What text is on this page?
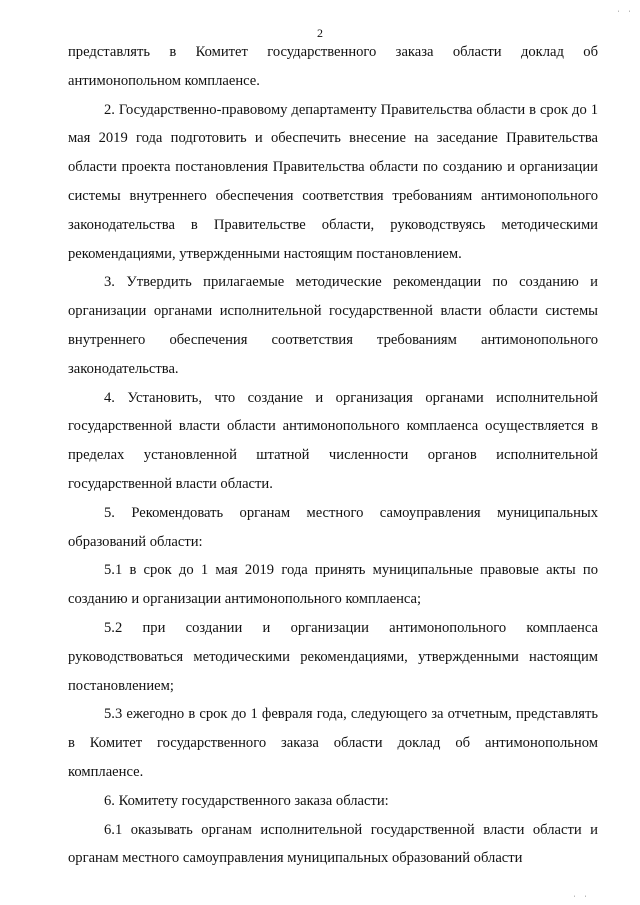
ˌ ˌ
2

представлять в Комитет государственного заказа области доклад об антимонопольном комплаенсе.

2. Государственно-правовому департаменту Правительства области в срок до 1 мая 2019 года подготовить и обеспечить внесение на заседание Правительства области проекта постановления Правительства области по созданию и организации системы внутреннего обеспечения соответствия требованиям антимонопольного законодательства в Правительстве области, руководствуясь методическими рекомендациями, утвержденными настоящим постановлением.

3. Утвердить прилагаемые методические рекомендации по созданию и организации органами исполнительной государственной власти области системы внутреннего обеспечения соответствия требованиям антимонопольного законодательства.

4. Установить, что создание и организация органами исполнительной государственной власти области антимонопольного комплаенса осуществляется в пределах установленной штатной численности органов исполнительной государственной власти области.

5. Рекомендовать органам местного самоуправления муниципальных образований области:

5.1 в срок до 1 мая 2019 года принять муниципальные правовые акты по созданию и организации антимонопольного комплаенса;

5.2 при создании и организации антимонопольного комплаенса руководствоваться методическими рекомендациями, утвержденными настоящим постановлением;

5.3 ежегодно в срок до 1 февраля года, следующего за отчетным, представлять в Комитет государственного заказа области доклад об антимонопольном комплаенсе.

6. Комитету государственного заказа области:

6.1 оказывать органам исполнительной государственной власти области и органам местного самоуправления муниципальных образований области

ˌ ˌ
